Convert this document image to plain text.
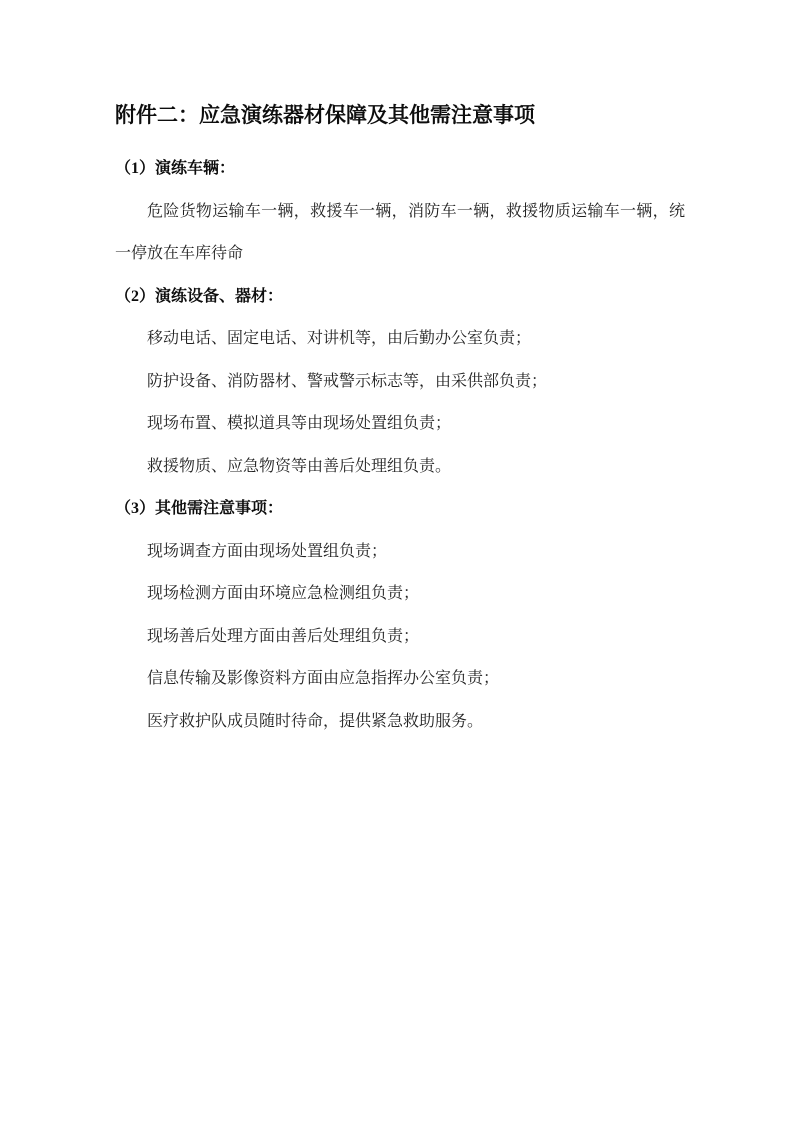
附件二：应急演练器材保障及其他需注意事项

（1）演练车辆：

危险货物运输车一辆，救援车一辆，消防车一辆，救援物质运输车一辆，统一停放在车库待命

（2）演练设备、器材：

移动电话、固定电话、对讲机等，由后勤办公室负责；

防护设备、消防器材、警戒警示标志等，由采供部负责；

现场布置、模拟道具等由现场处置组负责；

救援物质、应急物资等由善后处理组负责。

（3）其他需注意事项：

现场调查方面由现场处置组负责；

现场检测方面由环境应急检测组负责；

现场善后处理方面由善后处理组负责；

信息传输及影像资料方面由应急指挥办公室负责；

医疗救护队成员随时待命，提供紧急救助服务。
